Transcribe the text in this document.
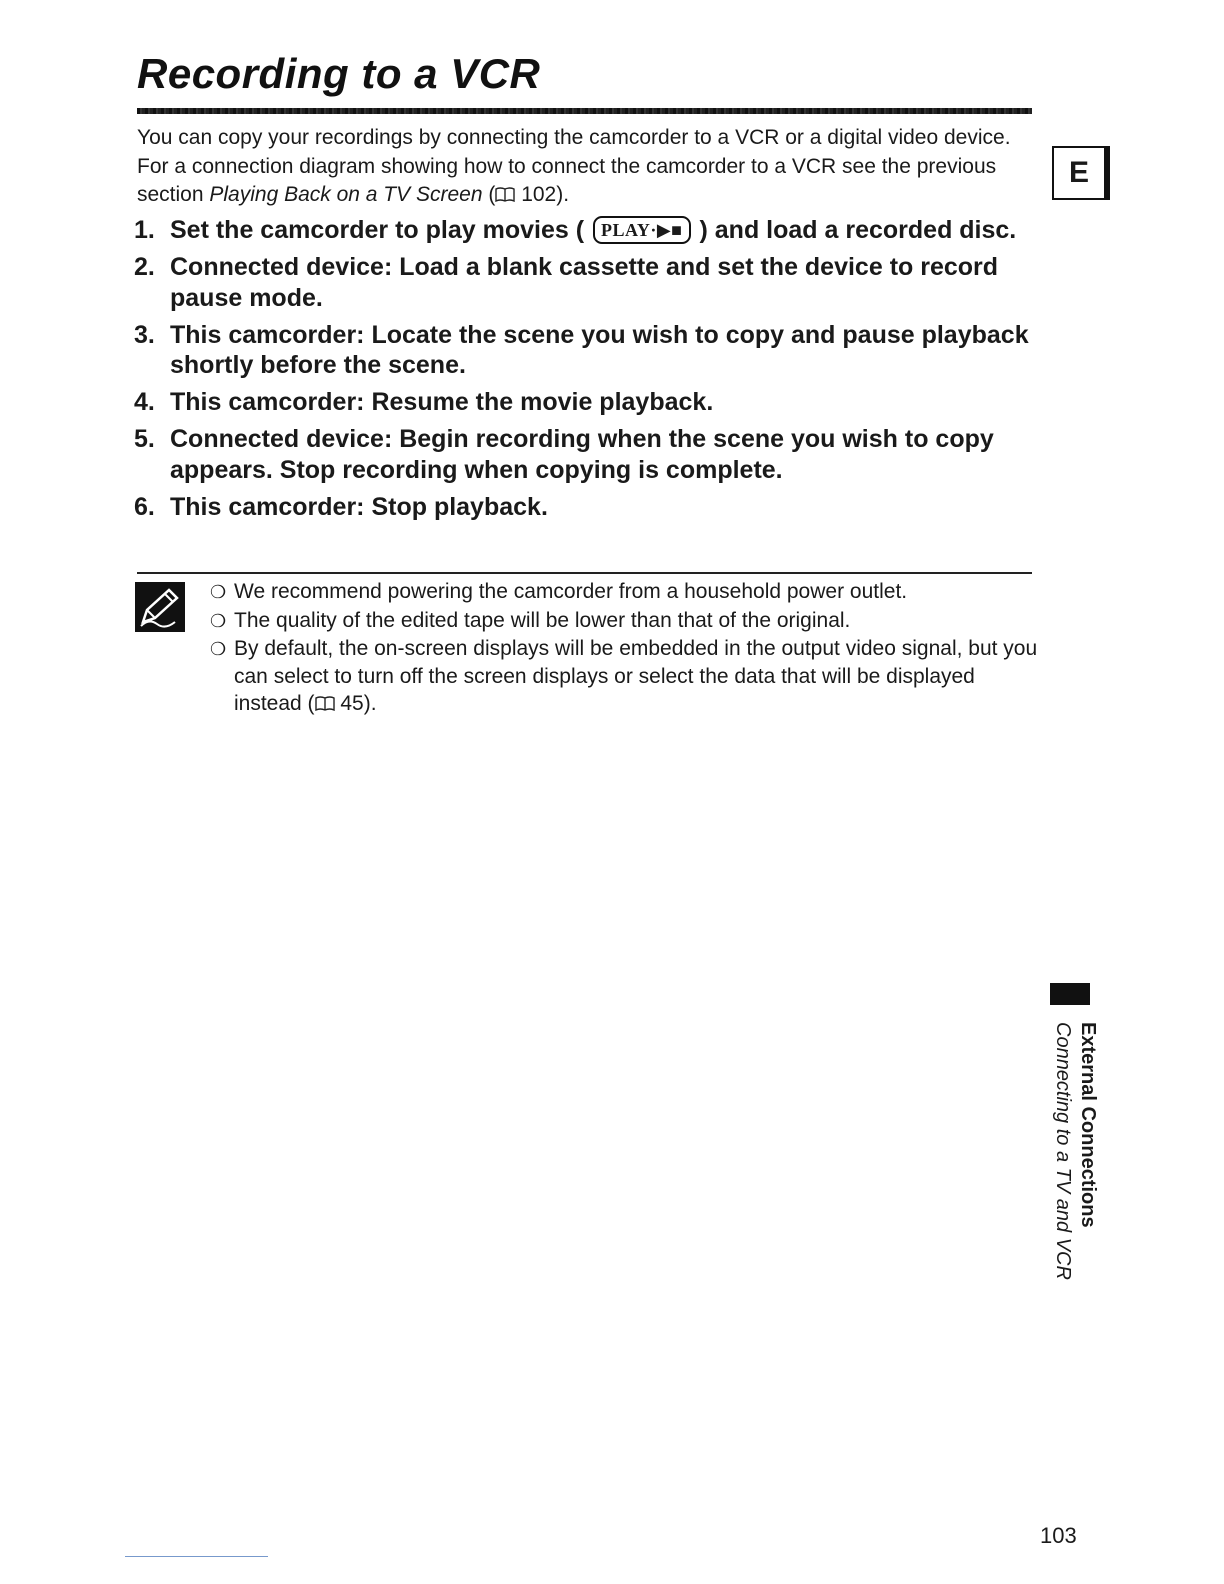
Recording to a VCR

You can copy your recordings by connecting the camcorder to a VCR or a digital video device. For a connection diagram showing how to connect the camcorder to a VCR see the previous section Playing Back on a TV Screen ( 102).

E
1. Set the camcorder to play movies ( PLAY·▶■ ) and load a recorded disc.
2. Connected device: Load a blank cassette and set the device to record pause mode.
3. This camcorder: Locate the scene you wish to copy and pause playback shortly before the scene.
4. This camcorder: Resume the movie playback.
5. Connected device: Begin recording when the scene you wish to copy appears. Stop recording when copying is complete.
6. This camcorder: Stop playback.
❍ We recommend powering the camcorder from a household power outlet.
❍ The quality of the edited tape will be lower than that of the original.
❍ By default, the on-screen displays will be embedded in the output video signal, but you can select to turn off the screen displays or select the data that will be displayed instead ( 45).
External Connections
Connecting to a TV and VCR
103
